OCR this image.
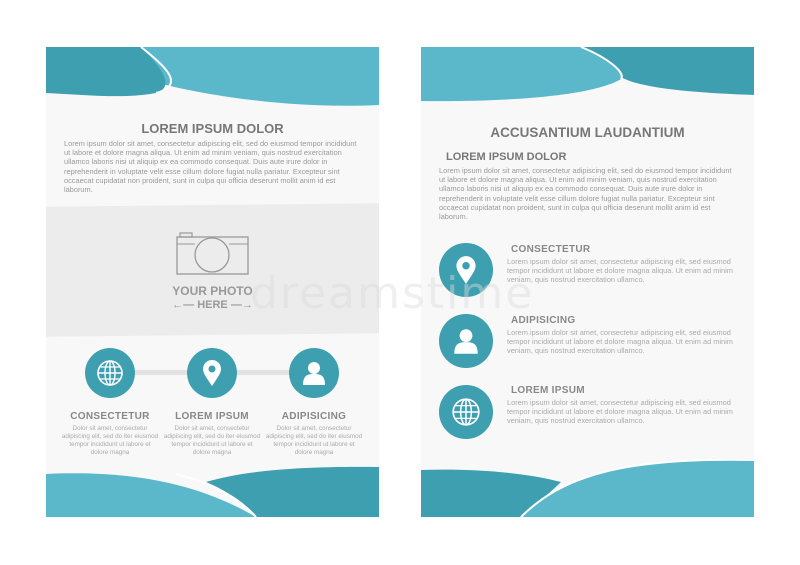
LOREM IPSUM DOLOR
Lorem ipsum dolor sit amet, consectetur adipiscing elit, sed do eiusmod tempor incididunt ut labore et dolore magna aliqua. Ut enim ad minim veniam, quis nostrud exercitation ullamco laboris nisi ut aliquip ex ea commodo consequat. Duis aute irure dolor in reprehenderit in voluptate velit esse cillum dolore fugiat nulla pariatur. Excepteur sint occaecat cupidatat non proident, sunt in culpa qui officia deserunt mollit anim id est laborum.
YOUR PHOTO
←— HERE —→
CONSECTETUR
Dolor sit amet, consectetur adipiscing elit, sed do iter eiusmod tempor incididunt ut labore et dolore magna
LOREM IPSUM
Dolor sit amet, consectetur adipiscing elit, sed do iter eiusmod tempor incididunt ut labore et dolore magna
ADIPISICING
Dolor sit amet, consectetur adipiscing elit, sed do iter eiusmod tempor incididunt ut labore et dolore magna
ACCUSANTIUM LAUDANTIUM
LOREM IPSUM DOLOR
Lorem ipsum dolor sit amet, consectetur adipiscing elit, sed do eiusmod tempor incididunt ut labore et dolore magna aliqua. Ut enim ad minim veniam, quis nostrud exercitation ullamco laboris nisi ut aliquip ex ea commodo consequat. Duis aute irure dolor in reprehenderit in voluptate velit esse cillum dolore fugiat nulla pariatur. Excepteur sint occaecat cupidatat non proident, sunt in culpa qui officia deserunt mollit anim id est laborum.
CONSECTETUR
Lorem ipsum dolor sit amet, consectetur adipiscing elit, sed eiusmod tempor incididunt ut labore et dolore magna aliqua. Ut enim ad minim veniam, quis nostrud exercitation ullamco.
ADIPISICING
Lorem ipsum dolor sit amet, consectetur adipiscing elit, sed eiusmod tempor incididunt ut labore et dolore magna aliqua. Ut enim ad minim veniam, quis nostrud exercitation ullamco.
LOREM IPSUM
Lorem ipsum dolor sit amet, consectetur adipiscing elit, sed eiusmod tempor incididunt ut labore et dolore magna aliqua. Ut enim ad minim veniam, quis nostrud exercitation ullamco.
dreamstime
